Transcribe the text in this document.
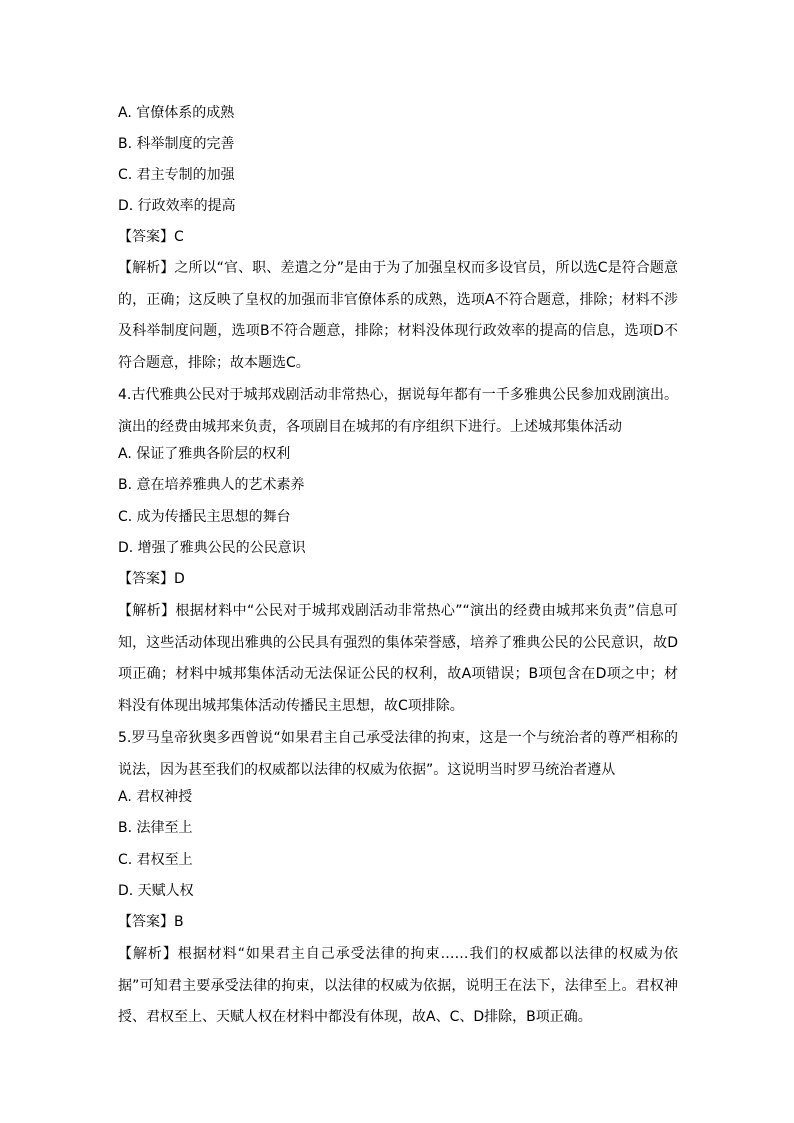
A. 官僚体系的成熟
B. 科举制度的完善
C. 君主专制的加强
D. 行政效率的提高
【答案】C
【解析】之所以“官、职、差遣之分”是由于为了加强皇权而多设官员，所以选C是符合题意的，正确；这反映了皇权的加强而非官僚体系的成熟，选项A不符合题意，排除；材料不涉及科举制度问题，选项B不符合题意，排除；材料没体现行政效率的提高的信息，选项D不符合题意，排除；故本题选C。
4.古代雅典公民对于城邦戏剧活动非常热心，据说每年都有一千多雅典公民参加戏剧演出。演出的经费由城邦来负责，各项剧目在城邦的有序组织下进行。上述城邦集体活动
A. 保证了雅典各阶层的权利
B. 意在培养雅典人的艺术素养
C. 成为传播民主思想的舞台
D. 增强了雅典公民的公民意识
【答案】D
【解析】根据材料中“公民对于城邦戏剧活动非常热心”“演出的经费由城邦来负责”信息可知，这些活动体现出雅典的公民具有强烈的集体荣誉感，培养了雅典公民的公民意识，故D项正确；材料中城邦集体活动无法保证公民的权利，故A项错误；B项包含在D项之中；材料没有体现出城邦集体活动传播民主思想，故C项排除。
5.罗马皇帝狄奥多西曾说“如果君主自己承受法律的拘束，这是一个与统治者的尊严相称的说法，因为甚至我们的权威都以法律的权威为依据”。这说明当时罗马统治者遵从
A. 君权神授
B. 法律至上
C. 君权至上
D. 天赋人权
【答案】B
【解析】根据材料“如果君主自己承受法律的拘束……我们的权威都以法律的权威为依据”可知君主要承受法律的拘束，以法律的权威为依据，说明王在法下，法律至上。君权神授、君权至上、天赋人权在材料中都没有体现，故A、C、D排除，B项正确。
